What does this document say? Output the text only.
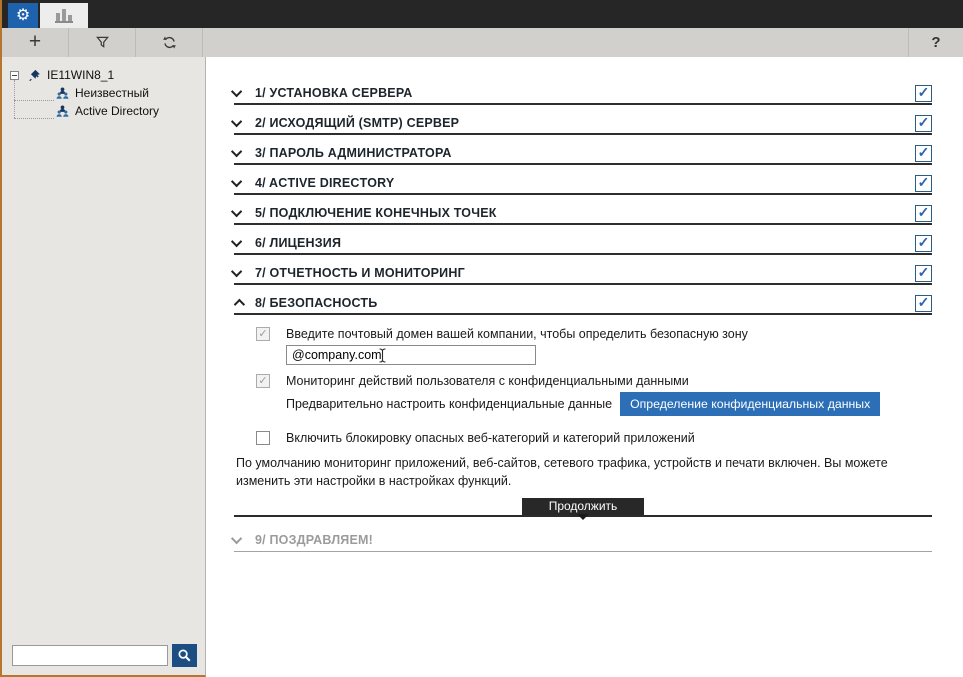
⚙
+	?
IE11WIN8_1
Неизвестный
Active Directory
1/ УСТАНОВКА СЕРВЕРА	✓
2/ ИСХОДЯЩИЙ (SMTP) СЕРВЕР	✓
3/ ПАРОЛЬ АДМИНИСТРАТОРА	✓
4/ ACTIVE DIRECTORY	✓
5/ ПОДКЛЮЧЕНИЕ КОНЕЧНЫХ ТОЧЕК	✓
6/ ЛИЦЕНЗИЯ	✓
7/ ОТЧЕТНОСТЬ И МОНИТОРИНГ	✓
8/ БЕЗОПАСНОСТЬ	✓
✓ Введите почтовый домен вашей компании, чтобы определить безопасную зону
@company.com
✓ Мониторинг действий пользователя с конфиденциальными данными
Предварительно настроить конфиденциальные данные	Определение конфиденциальных данных
Включить блокировку опасных веб-категорий и категорий приложений
По умолчанию мониторинг приложений, веб-сайтов, сетевого трафика, устройств и печати включен. Вы можете изменить эти настройки в настройках функций.
Продолжить
9/ ПОЗДРАВЛЯЕМ!
